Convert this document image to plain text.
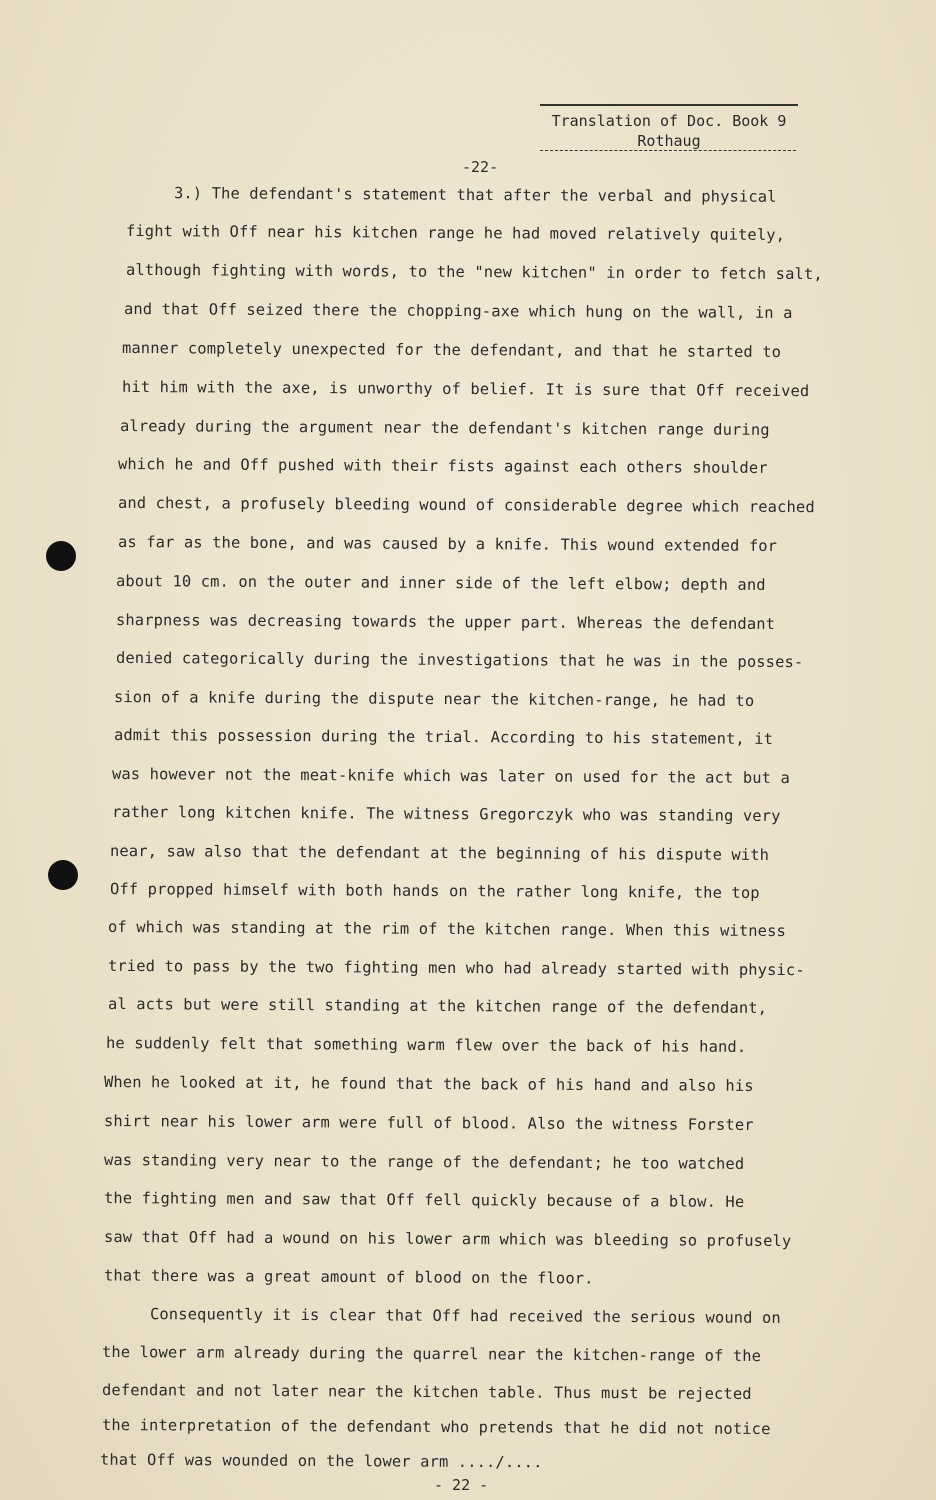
Translation of Doc. Book 9
Rothaug
-22-
3.) The defendant's statement that after the verbal and physical
fight with Off near his kitchen range he had moved relatively quitely,
although fighting with words, to the "new kitchen" in order to fetch salt,
and that Off seized there the chopping-axe which hung on the wall, in a
manner completely unexpected for the defendant, and that he started to
hit him with the axe, is unworthy of belief. It is sure that Off received
already during the argument near the defendant's kitchen range during
which he and Off pushed with their fists against each others shoulder
and chest, a profusely bleeding wound of considerable degree which reached
as far as the bone, and was caused by a knife. This wound extended for
about 10 cm. on the outer and inner side of the left elbow; depth and
sharpness was decreasing towards the upper part. Whereas the defendant
denied categorically during the investigations that he was in the posses-
sion of a knife during the dispute near the kitchen-range, he had to
admit this possession during the trial. According to his statement, it
was however not the meat-knife which was later on used for the act but a
rather long kitchen knife. The witness Gregorczyk who was standing very
near, saw also that the defendant at the beginning of his dispute with
Off propped himself with both hands on the rather long knife, the top
of which was standing at the rim of the kitchen range. When this witness
tried to pass by the two fighting men who had already started with physic-
al acts but were still standing at the kitchen range of the defendant,
he suddenly felt that something warm flew over the back of his hand.
When he looked at it, he found that the back of his hand and also his
shirt near his lower arm were full of blood. Also the witness Forster
was standing very near to the range of the defendant; he too watched
the fighting men and saw that Off fell quickly because of a blow. He
saw that Off had a wound on his lower arm which was bleeding so profusely
that there was a great amount of blood on the floor.
Consequently it is clear that Off had received the serious wound on
the lower arm already during the quarrel near the kitchen-range of the
defendant and not later near the kitchen table. Thus must be rejected
the interpretation of the defendant who pretends that he did not notice
that Off was wounded on the lower arm ..../....
- 22 -
